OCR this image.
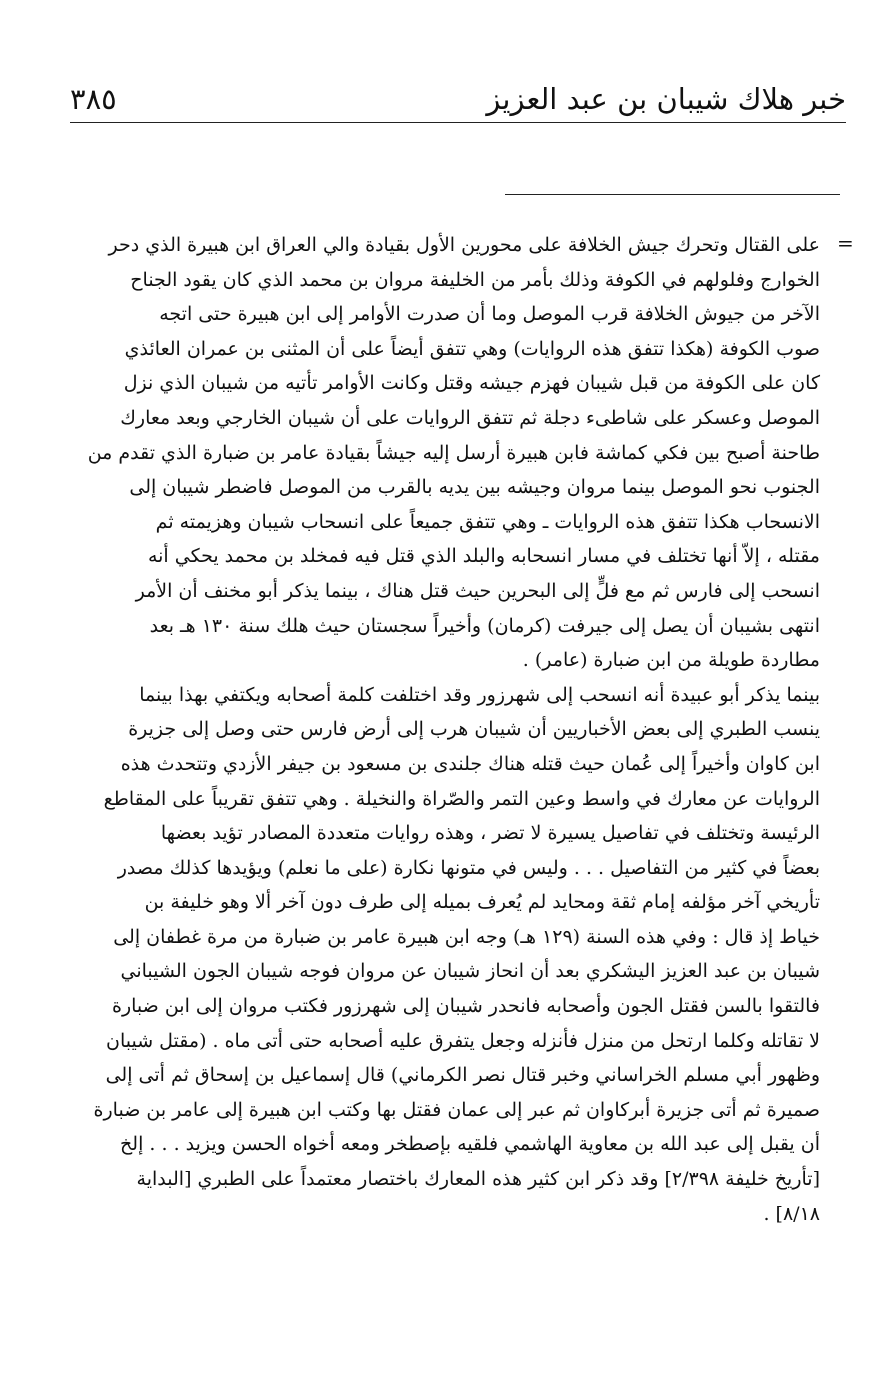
خبر هلاك شيبان بن عبد العزيز
٣٨٥
=

على القتال وتحرك جيش الخلافة على محورين الأول بقيادة والي العراق ابن هبيرة الذي دحر
الخوارج وفلولهم في الكوفة وذلك بأمر من الخليفة مروان بن محمد الذي كان يقود الجناح
الآخر من جيوش الخلافة قرب الموصل وما أن صدرت الأوامر إلى ابن هبيرة حتى اتجه
صوب الكوفة (هكذا تتفق هذه الروايات) وهي تتفق أيضاً على أن المثنى بن عمران العائذي
كان على الكوفة من قبل شيبان فهزم جيشه وقتل وكانت الأوامر تأتيه من شيبان الذي نزل
الموصل وعسكر على شاطىء دجلة ثم تتفق الروايات على أن شيبان الخارجي وبعد معارك
طاحنة أصبح بين فكي كماشة فابن هبيرة أرسل إليه جيشاً بقيادة عامر بن ضبارة الذي تقدم من
الجنوب نحو الموصل بينما مروان وجيشه بين يديه بالقرب من الموصل فاضطر شيبان إلى
الانسحاب هكذا تتفق هذه الروايات ـ وهي تتفق جميعاً على انسحاب شيبان وهزيمته ثم
مقتله ، إلاّ أنها تختلف في مسار انسحابه والبلد الذي قتل فيه فمخلد بن محمد يحكي أنه
انسحب إلى فارس ثم مع فلٍّ إلى البحرين حيث قتل هناك ، بينما يذكر أبو مخنف أن الأمر
انتهى بشيبان أن يصل إلى جيرفت (كرمان) وأخيراً سجستان حيث هلك سنة ١٣٠ هـ بعد
مطاردة طويلة من ابن ضبارة (عامر) .

بينما يذكر أبو عبيدة أنه انسحب إلى شهرزور وقد اختلفت كلمة أصحابه ويكتفي بهذا بينما
ينسب الطبري إلى بعض الأخباريين أن شيبان هرب إلى أرض فارس حتى وصل إلى جزيرة
ابن كاوان وأخيراً إلى عُمان حيث قتله هناك جلندى بن مسعود بن جيفر الأزدي وتتحدث هذه
الروايات عن معارك في واسط وعين التمر والصّراة والنخيلة . وهي تتفق تقريباً على المقاطع
الرئيسة وتختلف في تفاصيل يسيرة لا تضر ، وهذه روايات متعددة المصادر تؤيد بعضها
بعضاً في كثير من التفاصيل . . . وليس في متونها نكارة (على ما نعلم) ويؤيدها كذلك مصدر
تأريخي آخر مؤلفه إمام ثقة ومحايد لم يُعرف بميله إلى طرف دون آخر ألا وهو خليفة بن
خياط إذ قال : وفي هذه السنة (١٢٩ هـ) وجه ابن هبيرة عامر بن ضبارة من مرة غطفان إلى
شيبان بن عبد العزيز اليشكري بعد أن انحاز شيبان عن مروان فوجه شيبان الجون الشيباني
فالتقوا بالسن فقتل الجون وأصحابه فانحدر شيبان إلى شهرزور فكتب مروان إلى ابن ضبارة
لا تقاتله وكلما ارتحل من منزل فأنزله وجعل يتفرق عليه أصحابه حتى أتى ماه . (مقتل شيبان
وظهور أبي مسلم الخراساني وخبر قتال نصر الكرماني) قال إسماعيل بن إسحاق ثم أتى إلى
صميرة ثم أتى جزيرة أبركاوان ثم عبر إلى عمان فقتل بها وكتب ابن هبيرة إلى عامر بن ضبارة
أن يقبل إلى عبد الله بن معاوية الهاشمي فلقيه بإصطخر ومعه أخواه الحسن ويزيد . . . إلخ
[تأريخ خليفة ٢/٣٩٨] وقد ذكر ابن كثير هذه المعارك باختصار معتمداً على الطبري [البداية
٨/١٨] .
